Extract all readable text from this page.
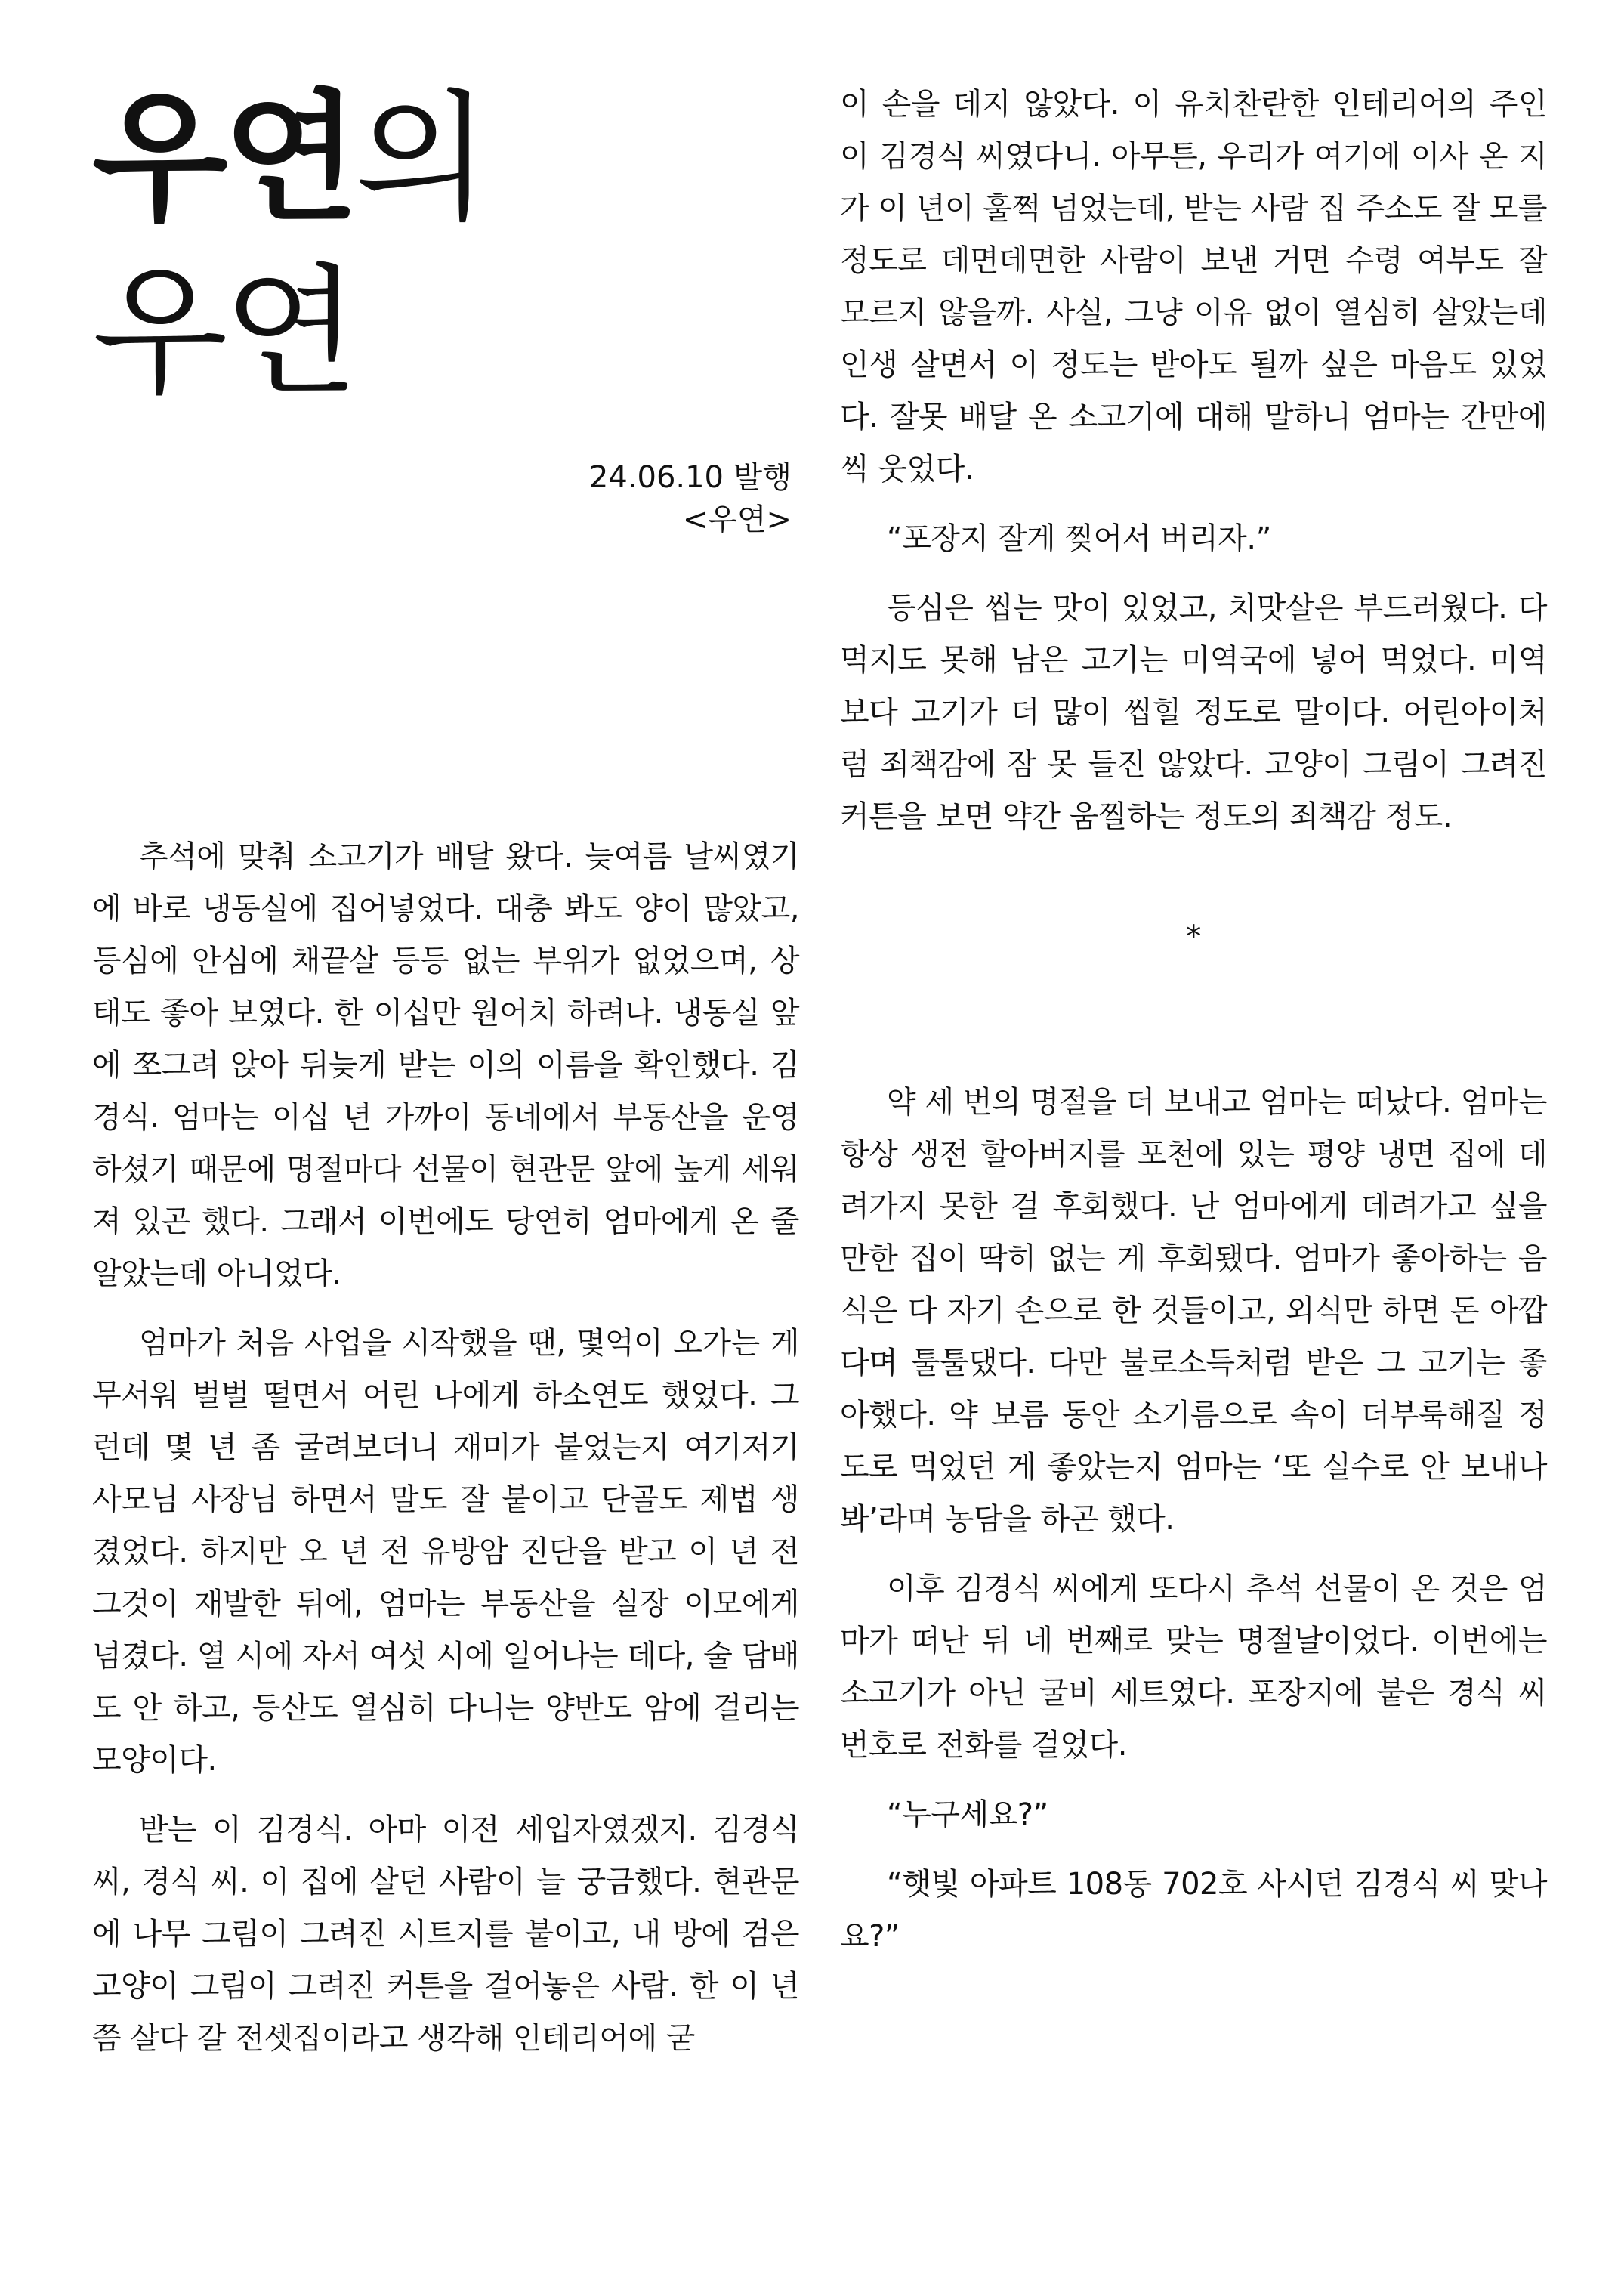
우연의
우연
24.06.10 발행
<우연>

추석에 맞춰 소고기가 배달 왔다. 늦여름 날씨였기에 바로 냉동실에 집어넣었다. 대충 봐도 양이 많았고, 등심에 안심에 채끝살 등등 없는 부위가 없었으며, 상태도 좋아 보였다. 한 이십만 원어치 하려나. 냉동실 앞에 쪼그려 앉아 뒤늦게 받는 이의 이름을 확인했다. 김경식. 엄마는 이십 년 가까이 동네에서 부동산을 운영하셨기 때문에 명절마다 선물이 현관문 앞에 높게 세워져 있곤 했다. 그래서 이번에도 당연히 엄마에게 온 줄 알았는데 아니었다.

엄마가 처음 사업을 시작했을 땐, 몇억이 오가는 게 무서워 벌벌 떨면서 어린 나에게 하소연도 했었다. 그런데 몇 년 좀 굴려보더니 재미가 붙었는지 여기저기 사모님 사장님 하면서 말도 잘 붙이고 단골도 제법 생겼었다. 하지만 오 년 전 유방암 진단을 받고 이 년 전 그것이 재발한 뒤에, 엄마는 부동산을 실장 이모에게 넘겼다. 열 시에 자서 여섯 시에 일어나는 데다, 술 담배도 안 하고, 등산도 열심히 다니는 양반도 암에 걸리는 모양이다.

받는 이 김경식. 아마 이전 세입자였겠지. 김경식 씨, 경식 씨. 이 집에 살던 사람이 늘 궁금했다. 현관문에 나무 그림이 그려진 시트지를 붙이고, 내 방에 검은 고양이 그림이 그려진 커튼을 걸어놓은 사람. 한 이 년쯤 살다 갈 전셋집이라고 생각해 인테리어에 굳

이 손을 데지 않았다. 이 유치찬란한 인테리어의 주인이 김경식 씨였다니. 아무튼, 우리가 여기에 이사 온 지가 이 년이 훌쩍 넘었는데, 받는 사람 집 주소도 잘 모를 정도로 데면데면한 사람이 보낸 거면 수령 여부도 잘 모르지 않을까. 사실, 그냥 이유 없이 열심히 살았는데 인생 살면서 이 정도는 받아도 될까 싶은 마음도 있었다. 잘못 배달 온 소고기에 대해 말하니 엄마는 간만에 씩 웃었다.

“포장지 잘게 찢어서 버리자.”

등심은 씹는 맛이 있었고, 치맛살은 부드러웠다. 다 먹지도 못해 남은 고기는 미역국에 넣어 먹었다. 미역보다 고기가 더 많이 씹힐 정도로 말이다. 어린아이처럼 죄책감에 잠 못 들진 않았다. 고양이 그림이 그려진 커튼을 보면 약간 움찔하는 정도의 죄책감 정도.

*

약 세 번의 명절을 더 보내고 엄마는 떠났다. 엄마는 항상 생전 할아버지를 포천에 있는 평양 냉면 집에 데려가지 못한 걸 후회했다. 난 엄마에게 데려가고 싶을 만한 집이 딱히 없는 게 후회됐다. 엄마가 좋아하는 음식은 다 자기 손으로 한 것들이고, 외식만 하면 돈 아깝다며 툴툴댔다. 다만 불로소득처럼 받은 그 고기는 좋아했다. 약 보름 동안 소기름으로 속이 더부룩해질 정도로 먹었던 게 좋았는지 엄마는 ‘또 실수로 안 보내나 봐’라며 농담을 하곤 했다.

이후 김경식 씨에게 또다시 추석 선물이 온 것은 엄마가 떠난 뒤 네 번째로 맞는 명절날이었다. 이번에는 소고기가 아닌 굴비 세트였다. 포장지에 붙은 경식 씨 번호로 전화를 걸었다.

“누구세요?”

“햇빛 아파트 108동 702호 사시던 김경식 씨 맞나요?”
